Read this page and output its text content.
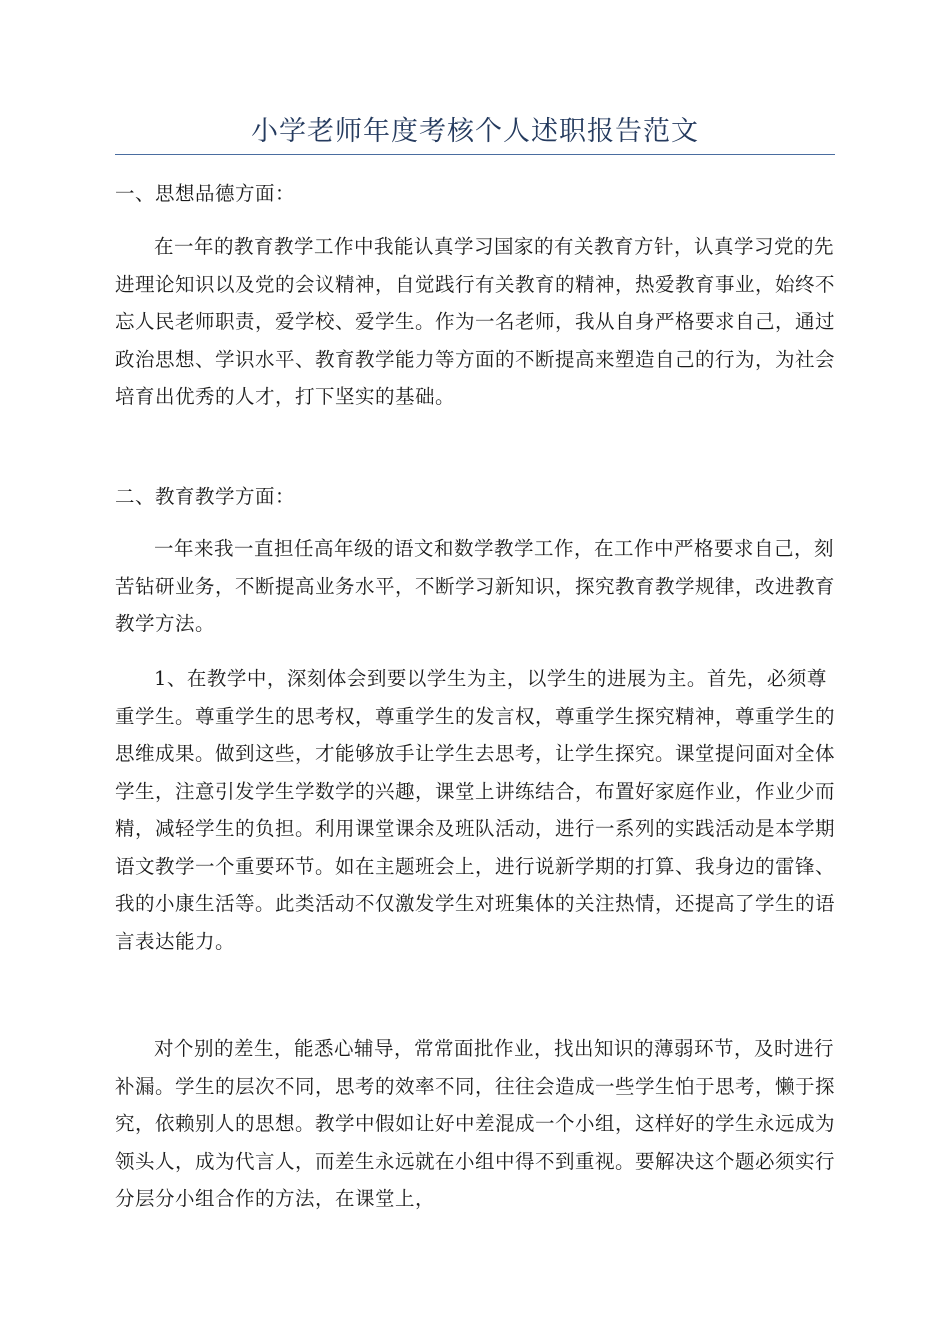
小学老师年度考核个人述职报告范文

一、思想品德方面：

在一年的教育教学工作中我能认真学习国家的有关教育方针，认真学习党的先进理论知识以及党的会议精神，自觉践行有关教育的精神，热爱教育事业，始终不忘人民老师职责，爱学校、爱学生。作为一名老师，我从自身严格要求自己，通过政治思想、学识水平、教育教学能力等方面的不断提高来塑造自己的行为，为社会培育出优秀的人才，打下坚实的基础。

二、教育教学方面：

一年来我一直担任高年级的语文和数学教学工作，在工作中严格要求自己，刻苦钻研业务，不断提高业务水平，不断学习新知识，探究教育教学规律，改进教育教学方法。

1、在教学中，深刻体会到要以学生为主，以学生的进展为主。首先，必须尊重学生。尊重学生的思考权，尊重学生的发言权，尊重学生探究精神，尊重学生的思维成果。做到这些，才能够放手让学生去思考，让学生探究。课堂提问面对全体学生，注意引发学生学数学的兴趣，课堂上讲练结合，布置好家庭作业，作业少而精，减轻学生的负担。利用课堂课余及班队活动，进行一系列的实践活动是本学期语文教学一个重要环节。如在主题班会上，进行说新学期的打算、我身边的雷锋、我的小康生活等。此类活动不仅激发学生对班集体的关注热情，还提高了学生的语言表达能力。

对个别的差生，能悉心辅导，常常面批作业，找出知识的薄弱环节，及时进行补漏。学生的层次不同，思考的效率不同，往往会造成一些学生怕于思考，懒于探究，依赖别人的思想。教学中假如让好中差混成一个小组，这样好的学生永远成为领头人，成为代言人，而差生永远就在小组中得不到重视。要解决这个题必须实行分层分小组合作的方法，在课堂上，
